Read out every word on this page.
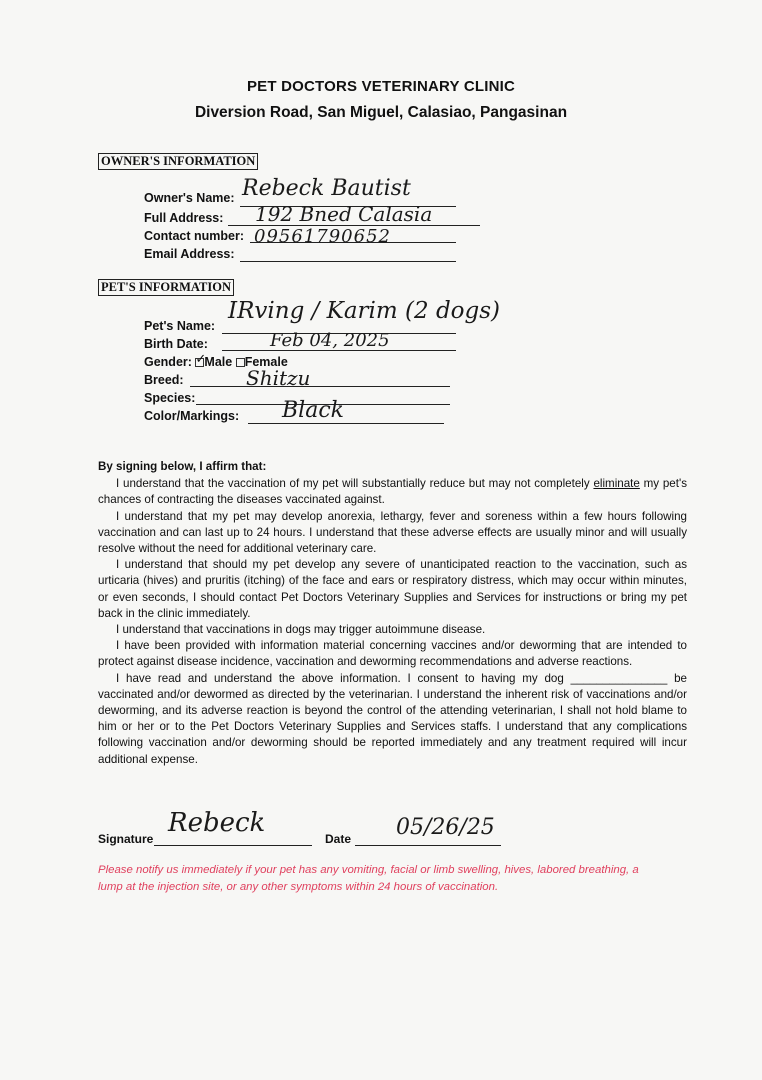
PET DOCTORS VETERINARY CLINIC
Diversion Road, San Miguel, Calasiao, Pangasinan
OWNER'S INFORMATION
Owner's Name: Rebeck Bautist
Full Address: 192 Bned Calasia
Contact number: 09561790652
Email Address:
PET'S INFORMATION
Pet's Name:
IRving / Karim (2 dogs)
Birth Date:	Feb 04, 2025
Gender: ✓
Male Female
Breed:	Shitzu
Species:
Color/Markings: Black
By signing below, I affirm that:

I understand that the vaccination of my pet will substantially reduce but may not completely eliminate my pet's chances of contracting the diseases vaccinated against.

I understand that my pet may develop anorexia, lethargy, fever and soreness within a few hours following vaccination and can last up to 24 hours. I understand that these adverse effects are usually minor and will usually resolve without the need for additional veterinary care.

I understand that should my pet develop any severe of unanticipated reaction to the vaccination, such as urticaria (hives) and pruritis (itching) of the face and ears or respiratory distress, which may occur within minutes, or even seconds, I should contact Pet Doctors Veterinary Supplies and Services for instructions or bring my pet back in the clinic immediately.

I understand that vaccinations in dogs may trigger autoimmune disease.

I have been provided with information material concerning vaccines and/or deworming that are intended to protect against disease incidence, vaccination and deworming recommendations and adverse reactions.

I have read and understand the above information. I consent to having my dog _______________ be vaccinated and/or dewormed as directed by the veterinarian. I understand the inherent risk of vaccinations and/or deworming, and its adverse reaction is beyond the control of the attending veterinarian, I shall not hold blame to him or her or to the Pet Doctors Veterinary Supplies and Services staffs. I understand that any complications following vaccination and/or deworming should be reported immediately and any treatment required will incur additional expense.

Signature
Rebeck
Date 05/26/25
Please notify us immediately if your pet has any vomiting, facial or limb swelling, hives, labored breathing, a lump at the injection site, or any other symptoms within 24 hours of vaccination.
